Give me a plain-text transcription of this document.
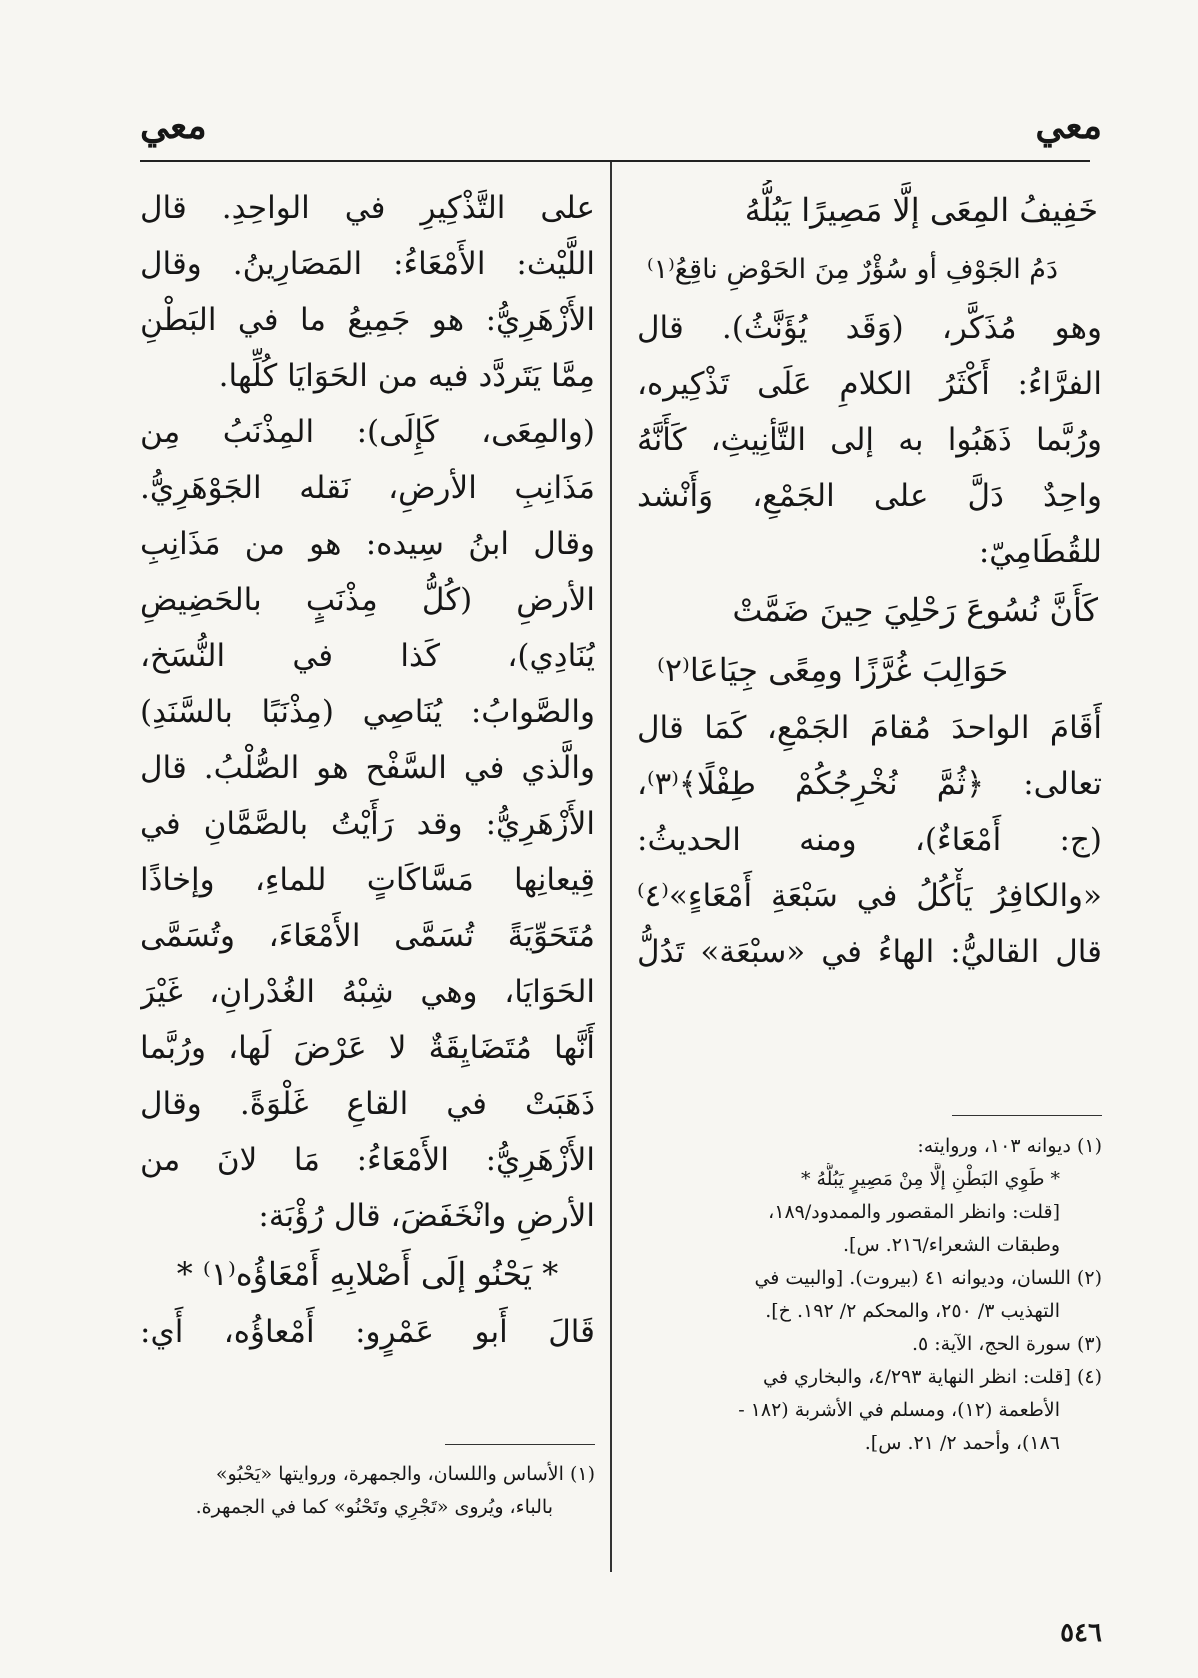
معي
معي
خَفِيفُ المِعَى إلَّا مَصِيرًا يَبُلُّهُ
دَمُ الجَوْفِ أو سُؤْرٌ مِنَ الحَوْضِ ناقِعُ⁽١⁾
وهو مُذَكَّر، (وَقَد يُؤَنَّثُ). قال
الفرَّاءُ: أَكْثَرُ الكلامِ عَلَى تَذْكِيره،
ورُبَّما ذَهَبُوا به إلى التَّأنِيثِ، كَأَنَّهُ
واحِدٌ دَلَّ على الجَمْعِ، وَأَنْشد
للقُطَامِيّ:
كَأَنَّ نُسُوعَ رَحْلِيَ حِينَ ضَمَّتْ
حَوَالِبَ غُرَّزًا ومِعًى جِيَاعَا⁽٢⁾
أَقَامَ الواحدَ مُقامَ الجَمْعِ، كَمَا قال
تعالى: ﴿ثُمَّ نُخْرِجُكُمْ طِفْلًا﴾⁽٣⁾،
(ج: أَمْعَاءٌ)، ومنه الحديثُ:
«والكافِرُ يَأْكُلُ في سَبْعَةِ أَمْعَاءٍ»⁽٤⁾
قال القاليُّ: الهاءُ في «سبْعَة» تَدُلُّ
(١) ديوانه ١٠٣، وروايته:
* طَوِي البَطْنِ إلَّا مِنْ مَصِيرٍ يَبُلُّهُ *
[قلت: وانظر المقصور والممدود/١٨٩،
وطبقات الشعراء/٢١٦. س].
(٢) اللسان، وديوانه ٤١ (بيروت). [والبيت في
التهذيب ٣/ ٢٥٠، والمحكم ٢/ ١٩٢. خ].
(٣) سورة الحج، الآية: ٥.
(٤) [قلت: انظر النهاية ٤/٢٩٣، والبخاري في
الأطعمة (١٢)، ومسلم في الأشربة (١٨٢ -
١٨٦)، وأحمد ٢/ ٢١. س].
على التَّذْكِيرِ في الواحِدِ. قال
اللَّيْث: الأَمْعَاءُ: المَصَارِينُ. وقال
الأَزْهَرِيُّ: هو جَمِيعُ ما في البَطْنِ
مِمَّا يَتَردَّد فيه من الحَوَايَا كُلِّها.
(والمِعَى، كَإِلَى): المِذْنَبُ مِن
مَذَانِبِ الأرضِ، نَقله الجَوْهَرِيُّ.
وقال ابنُ سِيده: هو من مَذَانِبِ
الأرضِ (كُلُّ مِذْنَبٍ بالحَضِيضِ
يُنَادِي)، كَذا في النُّسَخ،
والصَّوابُ: يُنَاصِي (مِذْنَبًا بالسَّنَدِ)
والَّذي في السَّفْح هو الصُّلْبُ. قال
الأَزْهَرِيُّ: وقد رَأَيْتُ بالصَّمَّانِ في
قِيعانِها مَسَّاكَاتٍ للماءِ، وإخاذًا
مُتَحَوِّيَةً تُسَمَّى الأَمْعَاءَ، وتُسَمَّى
الحَوَايَا، وهي شِبْهُ الغُدْرانِ، غَيْرَ
أَنَّها مُتَضَايِقَةٌ لا عَرْضَ لَها، ورُبَّما
ذَهَبَتْ في القاعِ غَلْوَةً. وقال
الأَزْهَرِيُّ: الأَمْعَاءُ: مَا لانَ من
الأرضِ وانْخَفَضَ، قال رُؤْبَة:
* يَحْنُو إلَى أَصْلابِهِ أَمْعَاؤُه⁽١⁾ *
قَالَ أَبو عَمْرٍو: أَمْعاؤُه، أَي:
(١) الأساس واللسان، والجمهرة، وروايتها «يَحْبُو»
بالباء، ويُروى «تَجْرِي وتَحْنُو» كما في الجمهرة.
٥٤٦
